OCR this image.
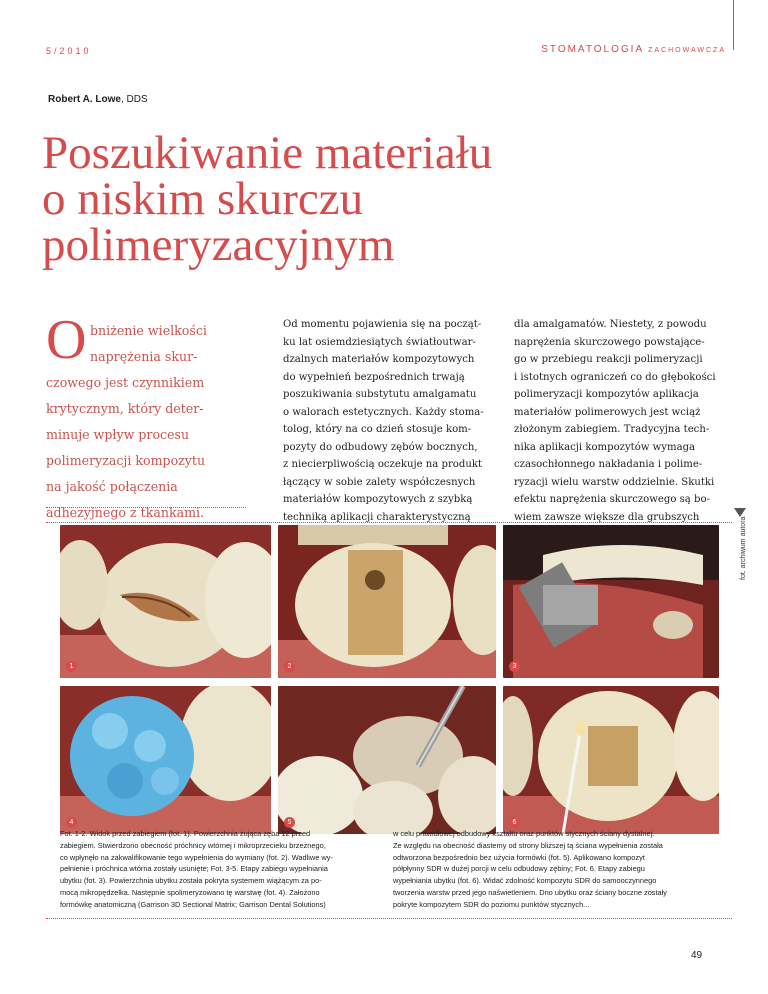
5/2010	STOMATOLOGIA ZACHOWAWCZA
Robert A. Lowe, DDS
Poszukiwanie materiału
o niskim skurczu
polimeryzacyjnym
O bniżenie wielkości
naprężenia skur-
czowego jest czynnikiem
krytycznym, który deter-
minuje wpływ procesu
polimeryzacji kompozytu
na jakość połączenia
adhezyjnego z tkankami.
Od momentu pojawienia się na począt-
ku lat osiemdziesiątych światłoutwar-
dzalnych materiałów kompozytowych
do wypełnień bezpośrednich trwają
poszukiwania substytutu amalgamatu
o walorach estetycznych. Każdy stoma-
tolog, który na co dzień stosuje kom-
pozyty do odbudowy zębów bocznych,
z niecierpliwością oczekuje na produkt
łączący w sobie zalety współczesnych
materiałów kompozytowych z szybką
techniką aplikacji charakterystyczną
dla amalgamatów. Niestety, z powodu
naprężenia skurczowego powstające-
go w przebiegu reakcji polimeryzacji
i istotnych ograniczeń co do głębokości
polimeryzacji kompozytów aplikacja
materiałów polimerowych jest wciąż
złożonym zabiegiem. Tradycyjna tech-
nika aplikacji kompozytów wymaga
czasochłonnego nakładania i polime-
ryzacji wielu warstw oddzielnie. Skutki
efektu naprężenia skurczowego są bo-
wiem zawsze większe dla grubszych	fot. archiwum autora
1	2	3
4	5	6
Fot. 1-2. Widok przed zabiegiem (fot. 1). Powierzchnia żująca zęba 12 przed
zabiegiem. Stwierdzono obecność próchnicy wtórnej i mikroprzecieku brzeżnego,
co wpłynęło na zakwalifikowanie tego wypełnienia do wymiany (fot. 2). Wadliwe wy-
pełnienie i próchnica wtórna zostały usunięte; Fot. 3-5. Etapy zabiegu wypełniania
ubytku (fot. 3). Powierzchnia ubytku została pokryta systemem wiążącym za po-
mocą mikropędzelka. Następnie spolimeryzowano tę warstwę (fot. 4). Założono
formówkę anatomiczną (Garrison 3D Sectional Matrix; Garrison Dental Solutions)
w celu prawidłowej odbudowy kształtu oraz punktów stycznych ściany dystalnej.
Ze względu na obecność diastemy od strony bliższej tą ściana wypełnienia została
odtworzona bezpośrednio bez użycia formówki (fot. 5). Aplikowano kompozyt
półpłynny SDR w dużej porcji w celu odbudowy zębiny; Fot. 6. Etapy zabiegu
wypełniania ubytku (fot. 6). Widać zdolność kompozytu SDR do samooczynnego
tworzenia warstw przed jego naświetleniem. Dno ubytku oraz ściany boczne zostały
pokryte kompozytem SDR do poziomu punktów stycznych...
49
